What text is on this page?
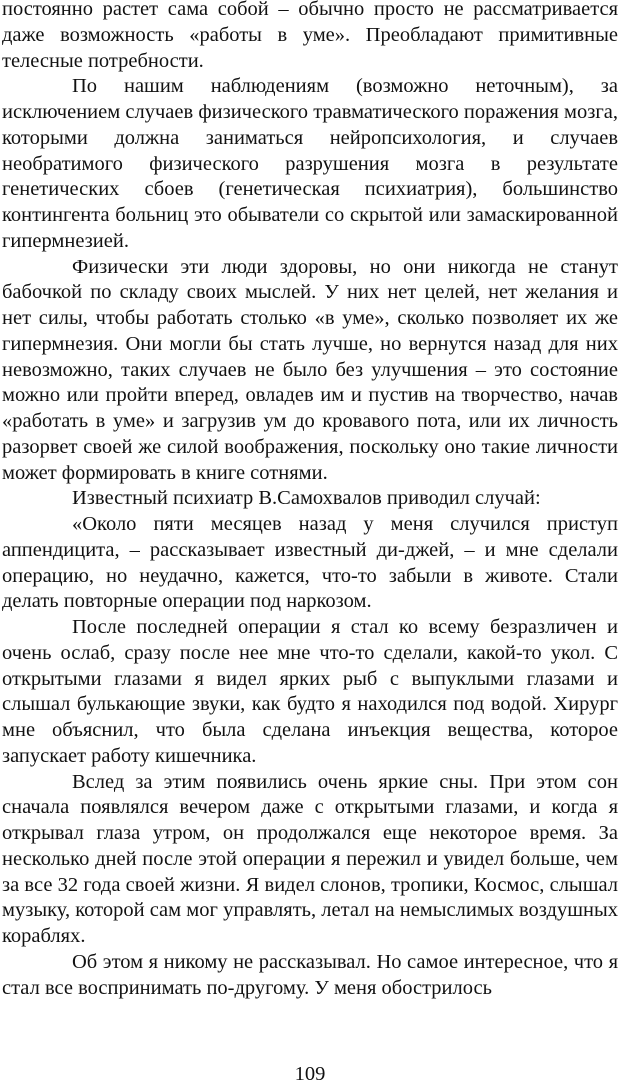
постоянно растет сама собой – обычно просто не рассматривается даже возможность «работы в уме». Преобладают примитивные телесные потребности.

По нашим наблюдениям (возможно неточным), за исключением случаев физического травматического поражения мозга, которыми должна заниматься нейропсихология, и случаев необратимого физического разрушения мозга в результате генетических сбоев (генетическая психиатрия), большинство контингента больниц это обыватели со скрытой или замаскированной гипермнезией.

Физически эти люди здоровы, но они никогда не станут бабочкой по складу своих мыслей. У них нет целей, нет желания и нет силы, чтобы работать столько «в уме», сколько позволяет их же гипермнезия. Они могли бы стать лучше, но вернутся назад для них невозможно, таких случаев не было без улучшения – это состояние можно или пройти вперед, овладев им и пустив на творчество, начав «работать в уме» и загрузив ум до кровавого пота, или их личность разорвет своей же силой воображения, поскольку оно такие личности может формировать в книге сотнями.

Известный психиатр В.Самохвалов приводил случай:

«Около пяти месяцев назад у меня случился приступ аппендицита, – рассказывает известный ди-джей, – и мне сделали операцию, но неудачно, кажется, что-то забыли в животе. Стали делать повторные операции под наркозом.

После последней операции я стал ко всему безразличен и очень ослаб, сразу после нее мне что-то сделали, какой-то укол. С открытыми глазами я видел ярких рыб с выпуклыми глазами и слышал булькающие звуки, как будто я находился под водой. Хирург мне объяснил, что была сделана инъекция вещества, которое запускает работу кишечника.

Вслед за этим появились очень яркие сны. При этом сон сначала появлялся вечером даже с открытыми глазами, и когда я открывал глаза утром, он продолжался еще некоторое время. За несколько дней после этой операции я пережил и увидел больше, чем за все 32 года своей жизни. Я видел слонов, тропики, Космос, слышал музыку, которой сам мог управлять, летал на немыслимых воздушных кораблях.

Об этом я никому не рассказывал. Но самое интересное, что я стал все воспринимать по-другому. У меня обострилось

109
